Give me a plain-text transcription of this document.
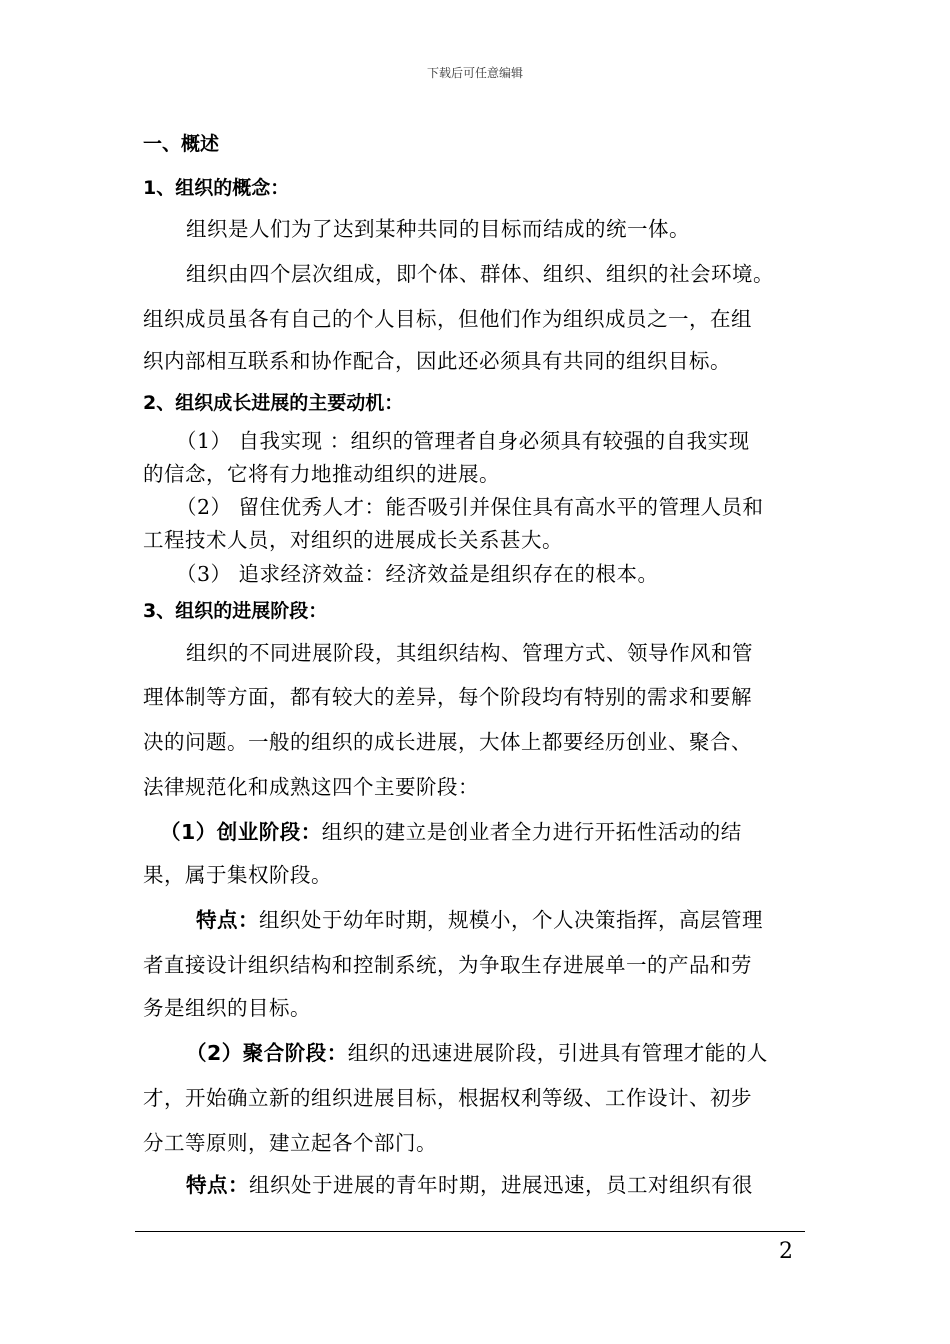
下载后可任意编辑
一、概述
1、组织的概念：
组织是人们为了达到某种共同的目标而结成的统一体。
组织由四个层次组成，即个体、群体、组织、组织的社会环境。
组织成员虽各有自己的个人目标，但他们作为组织成员之一，在组
织内部相互联系和协作配合，因此还必须具有共同的组织目标。
2、组织成长进展的主要动机：
（1） 自我实现 ：组织的管理者自身必须具有较强的自我实现
的信念，它将有力地推动组织的进展。
（2） 留住优秀人才：能否吸引并保住具有高水平的管理人员和
工程技术人员，对组织的进展成长关系甚大。
（3） 追求经济效益：经济效益是组织存在的根本。
3、组织的进展阶段：
组织的不同进展阶段，其组织结构、管理方式、领导作风和管
理体制等方面，都有较大的差异，每个阶段均有特别的需求和要解
决的问题。一般的组织的成长进展，大体上都要经历创业、聚合、
法律规范化和成熟这四个主要阶段：
（1）创业阶段：组织的建立是创业者全力进行开拓性活动的结
果，属于集权阶段。
特点：组织处于幼年时期，规模小，个人决策指挥，高层管理
者直接设计组织结构和控制系统，为争取生存进展单一的产品和劳
务是组织的目标。
（2）聚合阶段：组织的迅速进展阶段，引进具有管理才能的人
才，开始确立新的组织进展目标，根据权利等级、工作设计、初步
分工等原则，建立起各个部门。
特点：组织处于进展的青年时期，进展迅速，员工对组织有很
2
